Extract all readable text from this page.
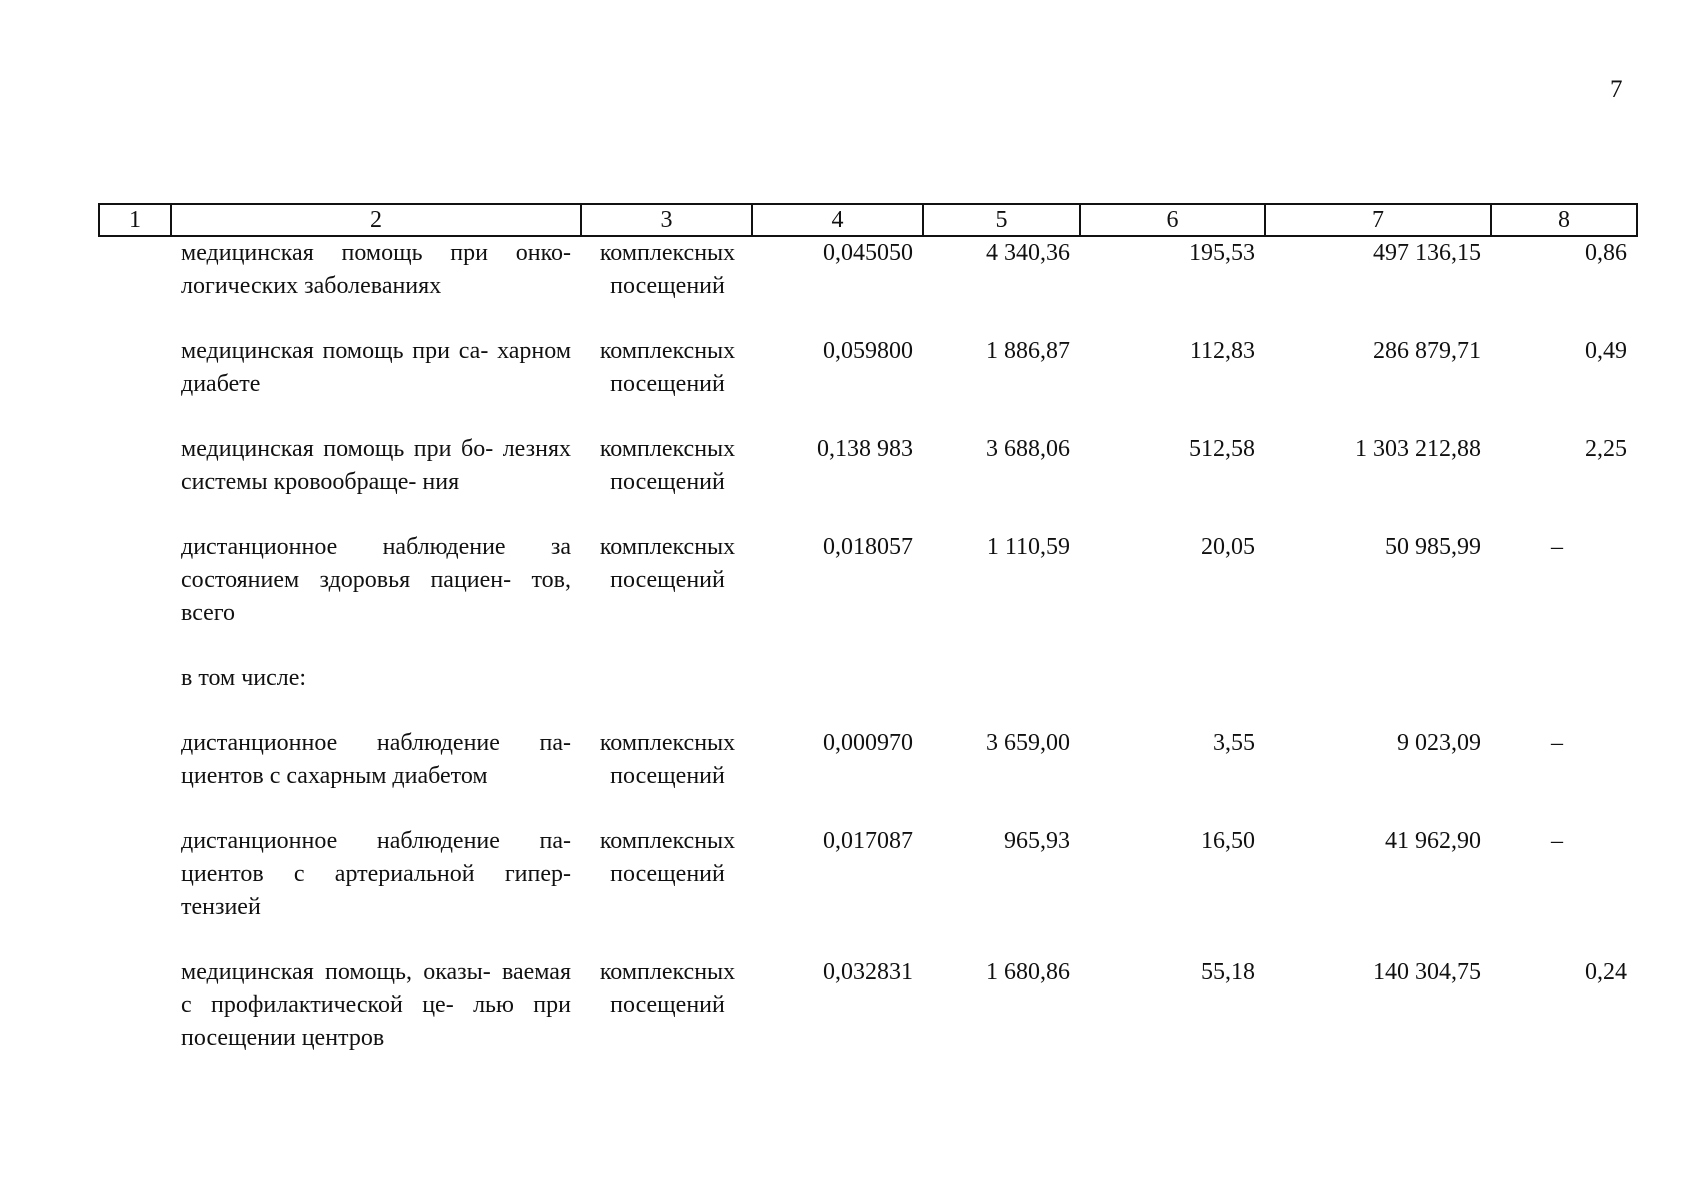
7
1	2	3	4	5	6	7	8
медицинская помощь при онко- логических заболеваниях		комплексных посещений	0,045050	4 340,36	195,53	497 136,15	0,86
медицинская помощь при са- харном диабете		комплексных посещений	0,059800	1 886,87	112,83	286 879,71	0,49
медицинская помощь при бо- лезнях системы кровообраще- ния		комплексных посещений	0,138 983	3 688,06	512,58	1 303 212,88	2,25
дистанционное наблюдение за состоянием здоровья пациен- тов, всего		комплексных посещений	0,018057	1 110,59	20,05	50 985,99	–
в том числе:							
дистанционное наблюдение па- циентов с сахарным диабетом		комплексных посещений	0,000970	3 659,00	3,55	9 023,09	–
дистанционное наблюдение па- циентов с артериальной гипер- тензией		комплексных посещений	0,017087	965,93	16,50	41 962,90	–
медицинская помощь, оказы- ваемая с профилактической це- лью при посещении центров		комплексных посещений	0,032831	1 680,86	55,18	140 304,75	0,24
